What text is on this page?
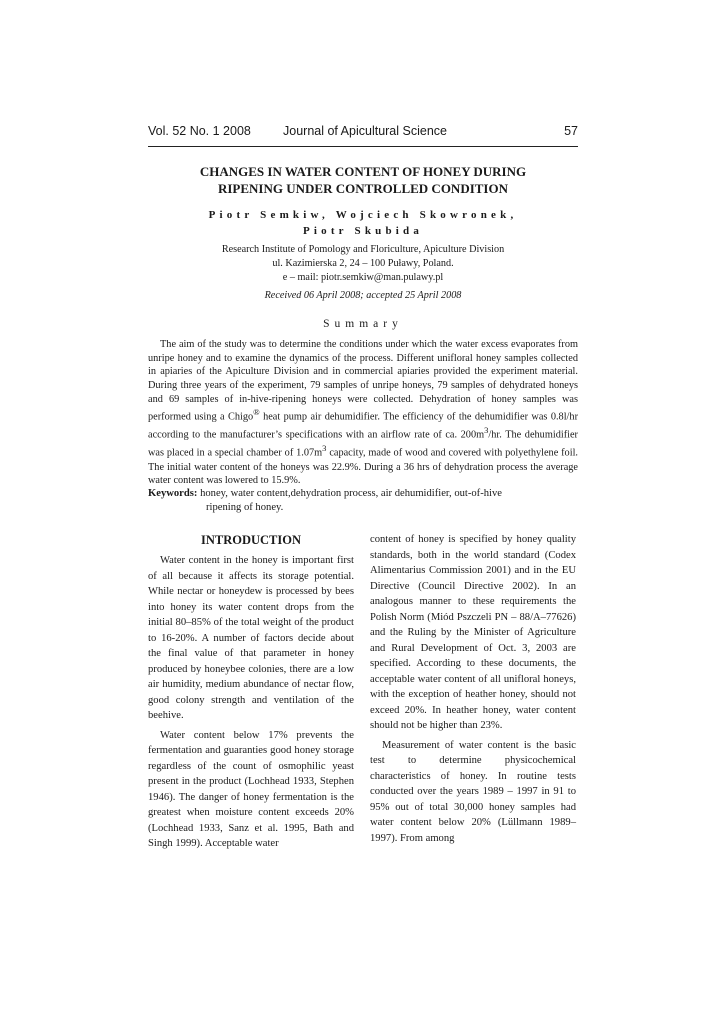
Vol. 52 No. 1 2008	Journal of Apicultural Science	57
CHANGES IN WATER CONTENT OF HONEY DURING
RIPENING UNDER CONTROLLED CONDITION

Piotr Semkiw, Wojciech Skowronek,
Piotr Skubida

Research Institute of Pomology and Floriculture, Apiculture Division
ul. Kazimierska 2, 24 – 100 Puławy, Poland.
e – mail: piotr.semkiw@man.pulawy.pl

Received 06 April 2008; accepted 25 April 2008

Summary

The aim of the study was to determine the conditions under which the water excess evaporates from unripe honey and to examine the dynamics of the process. Different unifloral honey samples collected in apiaries of the Apiculture Division and in commercial apiaries provided the experiment material. During three years of the experiment, 79 samples of unripe honeys, 79 samples of dehydrated honeys and 69 samples of in-hive-ripening honeys were collected. Dehydration of honey samples was performed using a Chigo® heat pump air dehumidifier. The efficiency of the dehumidifier was 0.8l/hr according to the manufacturer’s specifications with an airflow rate of ca. $200m^3/hr$. The dehumidifier was placed in a special chamber of $1.07m^3$ capacity, made of wood and covered with polyethylene foil. The initial water content of the honeys was 22.9%. During a 36 hrs of dehydration process the average water content was lowered to 15.9%.

Keywords: honey, water content,dehydration process, air dehumidifier, out-of-hive
ripening of honey.

INTRODUCTION

Water content in the honey is important first of all because it affects its storage potential. While nectar or honeydew is processed by bees into honey its water content drops from the initial 80–85% of the total weight of the product to 16-20%. A number of factors decide about the final value of that parameter in honey produced by honeybee colonies, there are a low air humidity, medium abundance of nectar flow, good colony strength and ventilation of the beehive.

Water content below 17% prevents the fermentation and guaranties good honey storage regardless of the count of osmophilic yeast present in the product (Lochhead 1933, Stephen 1946). The danger of honey fermentation is the greatest when moisture content exceeds 20% (Lochhead 1933, Sanz et al. 1995, Bath and Singh 1999). Acceptable water

content of honey is specified by honey quality standards, both in the world standard (Codex Alimentarius Commission 2001) and in the EU Directive (Council Directive 2002). In an analogous manner to these requirements the Polish Norm (Miód Pszczeli PN – 88/A–77626) and the Ruling by the Minister of Agriculture and Rural Development of Oct. 3, 2003 are specified. According to these documents, the acceptable water content of all unifloral honeys, with the exception of heather honey, should not exceed 20%. In heather honey, water content should not be higher than 23%.

Measurement of water content is the basic test to determine physicochemical characteristics of honey. In routine tests conducted over the years 1989 – 1997 in 91 to 95% out of total 30,000 honey samples had water content below 20% (Lüllmann 1989–1997). From among
